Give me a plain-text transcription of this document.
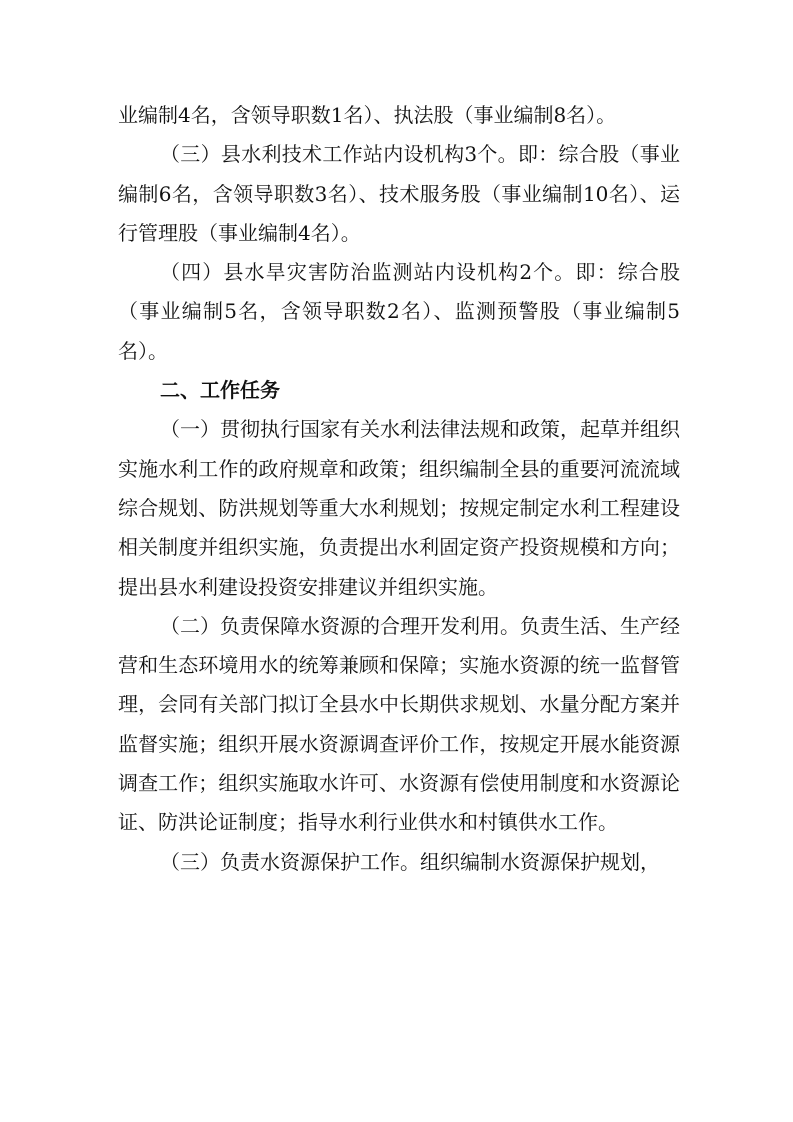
业编制4名，含领导职数1名）、执法股（事业编制8名）。

（三）县水利技术工作站内设机构3个。即：综合股（事业编制6名，含领导职数3名）、技术服务股（事业编制10名）、运行管理股（事业编制4名）。

（四）县水旱灾害防治监测站内设机构2个。即：综合股（事业编制5名，含领导职数2名）、监测预警股（事业编制5名）。

二、工作任务

（一）贯彻执行国家有关水利法律法规和政策，起草并组织实施水利工作的政府规章和政策；组织编制全县的重要河流流域综合规划、防洪规划等重大水利规划；按规定制定水利工程建设相关制度并组织实施，负责提出水利固定资产投资规模和方向；提出县水利建设投资安排建议并组织实施。

（二）负责保障水资源的合理开发利用。负责生活、生产经营和生态环境用水的统筹兼顾和保障；实施水资源的统一监督管理，会同有关部门拟订全县水中长期供求规划、水量分配方案并监督实施；组织开展水资源调查评价工作，按规定开展水能资源调查工作；组织实施取水许可、水资源有偿使用制度和水资源论证、防洪论证制度；指导水利行业供水和村镇供水工作。

（三）负责水资源保护工作。组织编制水资源保护规划，
